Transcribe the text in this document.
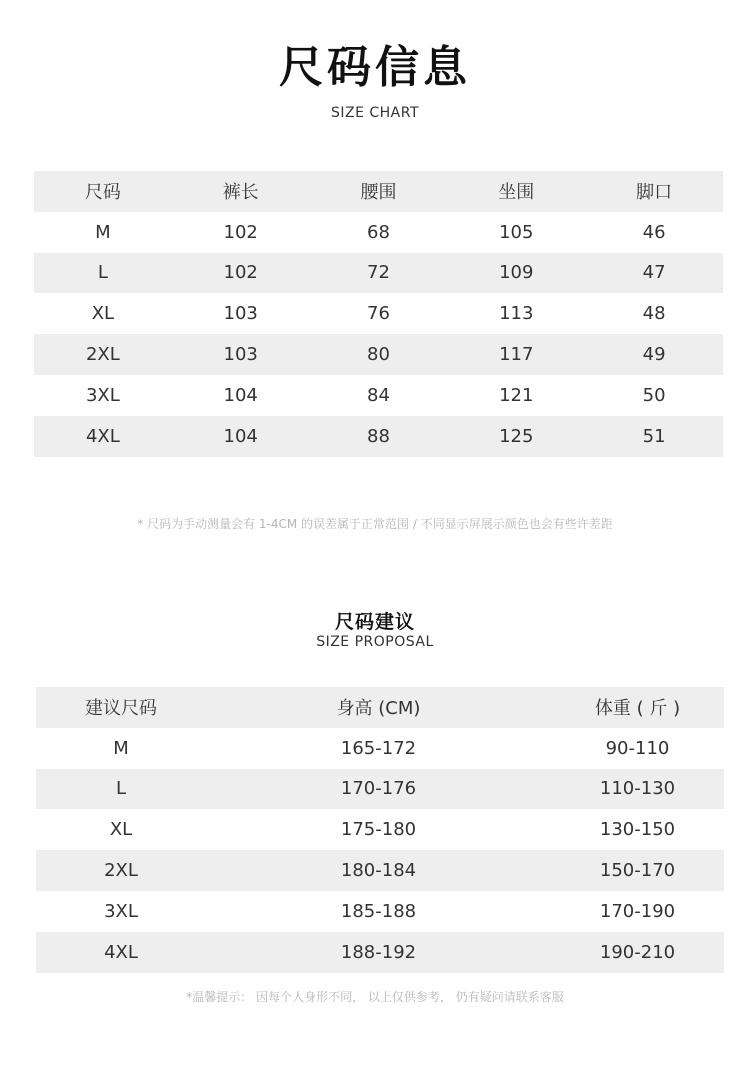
尺码信息
SIZE CHART
尺码	裤长	腰围	坐围	脚口
M	102	68	105	46
L	102	72	109	47
XL	103	76	113	48
2XL	103	80	117	49
3XL	104	84	121	50
4XL	104	88	125	51
* 尺码为手动测量会有 1-4CM 的误差属于正常范围 / 不同显示屏展示颜色也会有些许差距
尺码建议
SIZE PROPOSAL
建议尺码	身高 (CM)	体重 ( 斤 )
M	165-172	90-110
L	170-176	110-130
XL	175-180	130-150
2XL	180-184	150-170
3XL	185-188	170-190
4XL	188-192	190-210
*温馨提示： 因每个人身形不同， 以上仅供参考， 仍有疑问请联系客服
